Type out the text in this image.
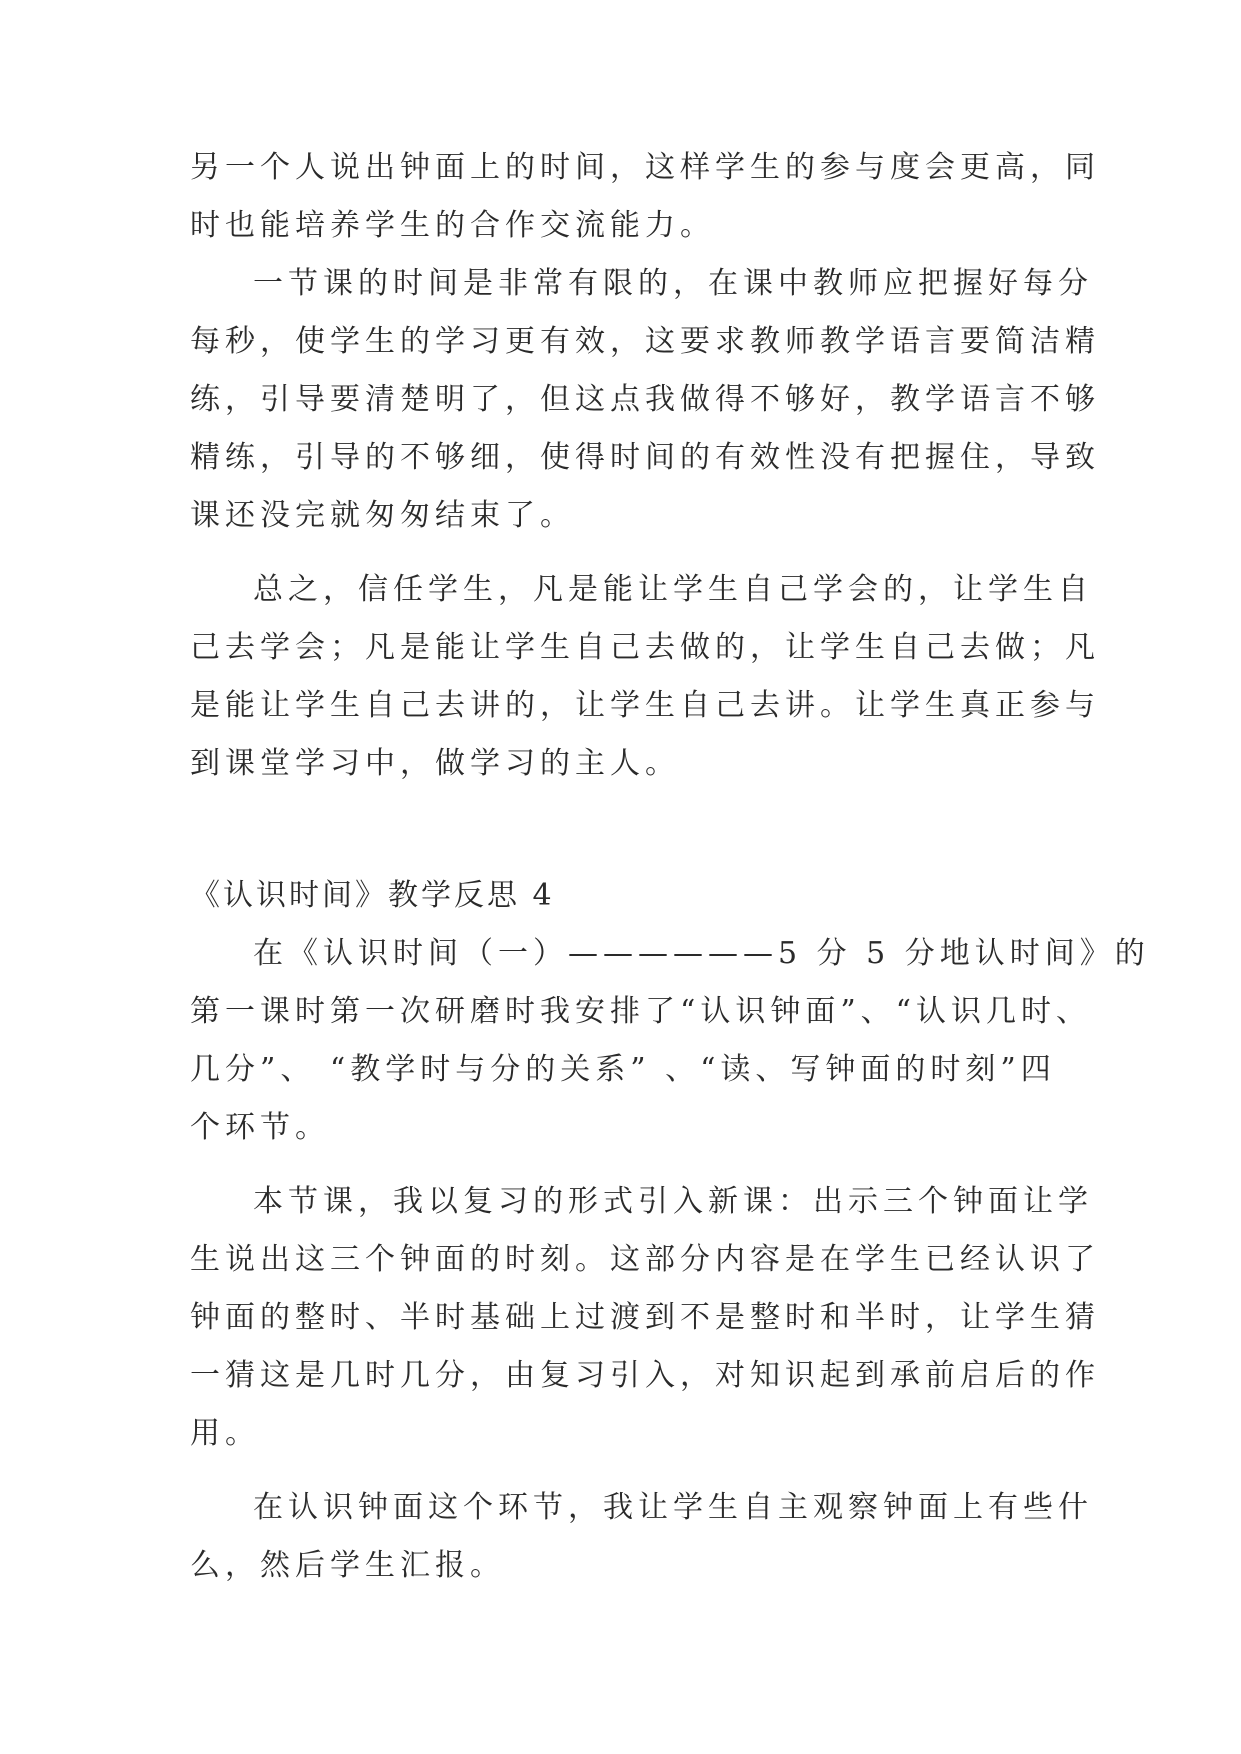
另一个人说出钟面上的时间，这样学生的参与度会更高，同
时也能培养学生的合作交流能力。
一节课的时间是非常有限的，在课中教师应把握好每分
每秒，使学生的学习更有效，这要求教师教学语言要简洁精
练，引导要清楚明了，但这点我做得不够好，教学语言不够
精练，引导的不够细，使得时间的有效性没有把握住，导致
课还没完就匆匆结束了。
总之，信任学生，凡是能让学生自己学会的，让学生自
己去学会；凡是能让学生自己去做的，让学生自己去做；凡
是能让学生自己去讲的，让学生自己去讲。让学生真正参与
到课堂学习中，做学习的主人。
《认识时间》教学反思 4
在《认识时间（一）——————5 分 5 分地认时间》的
第一课时第一次研磨时我安排了“认识钟面”、“认识几时、
几分”、 “教学时与分的关系” 、“读、写钟面的时刻”四
个环节。
本节课，我以复习的形式引入新课：出示三个钟面让学
生说出这三个钟面的时刻。这部分内容是在学生已经认识了
钟面的整时、半时基础上过渡到不是整时和半时，让学生猜
一猜这是几时几分，由复习引入，对知识起到承前启后的作
用。
在认识钟面这个环节，我让学生自主观察钟面上有些什
么，然后学生汇报。
